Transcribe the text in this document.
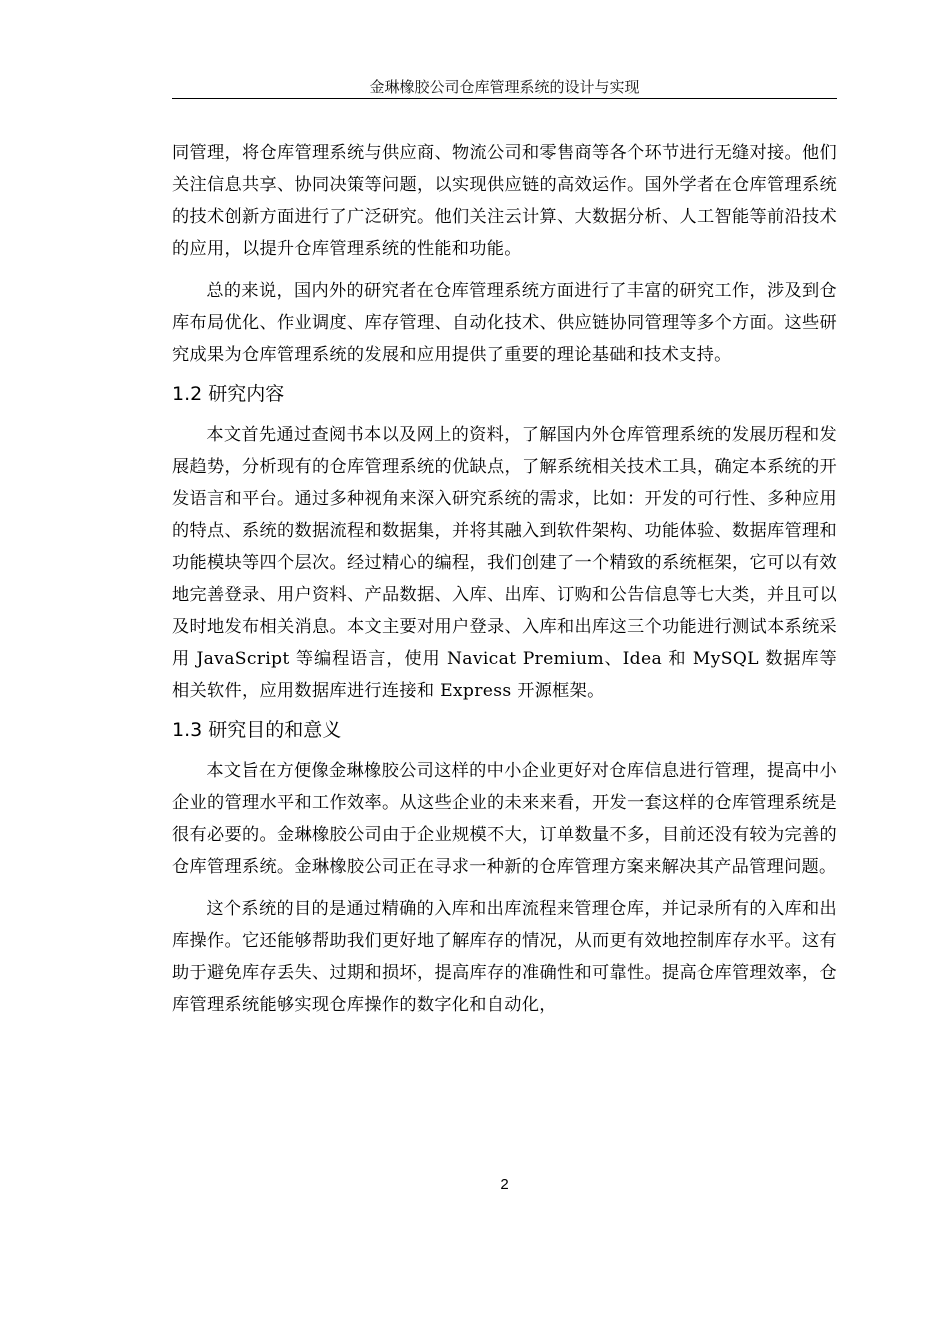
金琳橡胶公司仓库管理系统的设计与实现

同管理，将仓库管理系统与供应商、物流公司和零售商等各个环节进行无缝对接。他们关注信息共享、协同决策等问题，以实现供应链的高效运作。国外学者在仓库管理系统的技术创新方面进行了广泛研究。他们关注云计算、大数据分析、人工智能等前沿技术的应用，以提升仓库管理系统的性能和功能。

总的来说，国内外的研究者在仓库管理系统方面进行了丰富的研究工作，涉及到仓库布局优化、作业调度、库存管理、自动化技术、供应链协同管理等多个方面。这些研究成果为仓库管理系统的发展和应用提供了重要的理论基础和技术支持。

1.2 研究内容

本文首先通过查阅书本以及网上的资料，了解国内外仓库管理系统的发展历程和发展趋势，分析现有的仓库管理系统的优缺点，了解系统相关技术工具，确定本系统的开发语言和平台。通过多种视角来深入研究系统的需求，比如：开发的可行性、多种应用的特点、系统的数据流程和数据集，并将其融入到软件架构、功能体验、数据库管理和功能模块等四个层次。经过精心的编程，我们创建了一个精致的系统框架，它可以有效地完善登录、用户资料、产品数据、入库、出库、订购和公告信息等七大类，并且可以及时地发布相关消息。本文主要对用户登录、入库和出库这三个功能进行测试本系统采用 JavaScript 等编程语言，使用 Navicat Premium、Idea 和 MySQL 数据库等相关软件，应用数据库进行连接和 Express 开源框架。

1.3 研究目的和意义

本文旨在方便像金琳橡胶公司这样的中小企业更好对仓库信息进行管理，提高中小企业的管理水平和工作效率。从这些企业的未来来看，开发一套这样的仓库管理系统是很有必要的。金琳橡胶公司由于企业规模不大，订单数量不多，目前还没有较为完善的仓库管理系统。金琳橡胶公司正在寻求一种新的仓库管理方案来解决其产品管理问题。

这个系统的目的是通过精确的入库和出库流程来管理仓库，并记录所有的入库和出库操作。它还能够帮助我们更好地了解库存的情况，从而更有效地控制库存水平。这有助于避免库存丢失、过期和损坏，提高库存的准确性和可靠性。提高仓库管理效率，仓库管理系统能够实现仓库操作的数字化和自动化，

2
